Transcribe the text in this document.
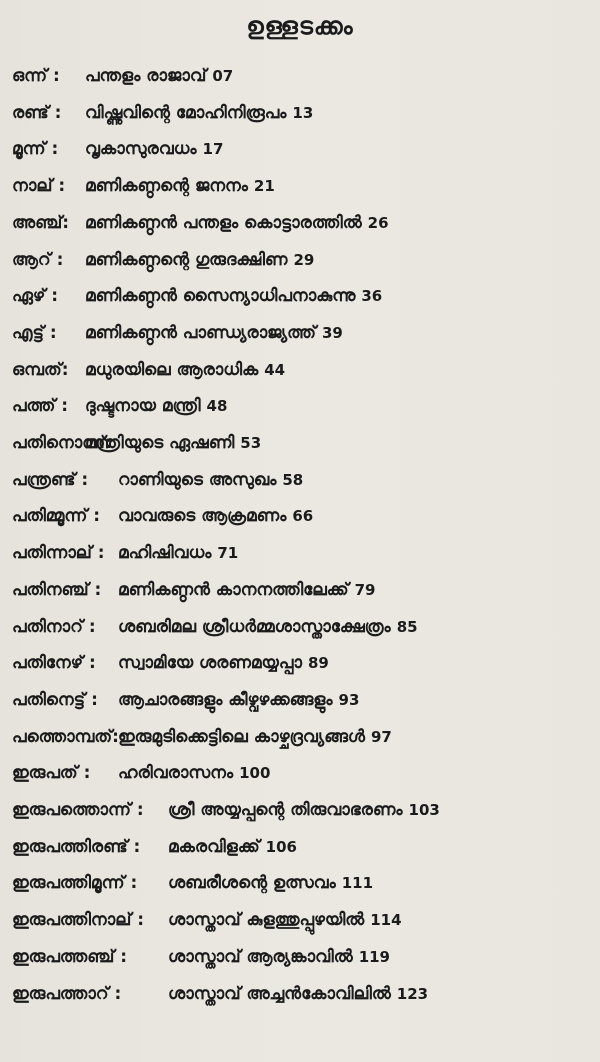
ഉള്ളടക്കം
ഒന്ന് : പന്തളം രാജാവ് 07
രണ്ട് : വിഷ്ണുവിന്റെ മോഹിനിരൂപം 13
മൂന്ന് : വൃകാസുരവധം 17
നാല് : മണികണ്ഠന്റെ ജനനം 21
അഞ്ച്: മണികണ്ഠൻ പന്തളം കൊട്ടാരത്തിൽ 26
ആറ് : മണികണ്ഠന്റെ ഗുരുദക്ഷിണ 29
ഏഴ് : മണികണ്ഠൻ സൈന്യാധിപനാകുന്നു 36
എട്ട് : മണികണ്ഠൻ പാണ്ഡ്യരാജ്യത്ത് 39
ഒമ്പത്: മധുരയിലെ ആരാധിക 44
പത്ത് : ദുഷ്ടനായ മന്ത്രി 48
പതിനൊന്ന്:
മന്ത്രിയുടെ ഏഷണി 53
പന്ത്രണ്ട് : റാണിയുടെ അസുഖം 58
പതിമ്മൂന്ന് : വാവരുടെ ആക്രമണം 66
പതിന്നാല് : മഹിഷിവധം 71
പതിനഞ്ച് : മണികണ്ഠൻ കാനനത്തിലേക്ക് 79
പതിനാറ് : ശബരിമല ശ്രീധർമ്മശാസ്താക്ഷേത്രം 85
പതിനേഴ് : സ്വാമിയേ ശരണമയ്യപ്പാ 89
പതിനെട്ട് : ആചാരങ്ങളും കീഴ്വഴക്കങ്ങളും 93
പത്തൊമ്പത്: ഇരുമുടിക്കെട്ടിലെ കാഴ്ചദ്രവ്യങ്ങൾ 97
ഇരുപത് : ഹരിവരാസനം 100
ഇരുപത്തൊന്ന് : ശ്രീ അയ്യപ്പന്റെ തിരുവാഭരണം 103
ഇരുപത്തിരണ്ട് : മകരവിളക്ക് 106
ഇരുപത്തിമൂന്ന് : ശബരീശന്റെ ഉത്സവം 111
ഇരുപത്തിനാല് : ശാസ്താവ് കുളത്തുപ്പുഴയിൽ 114
ഇരുപത്തഞ്ച് : ശാസ്താവ് ആര്യങ്കാവിൽ 119
ഇരുപത്താറ് :	ശാസ്താവ് അച്ചൻകോവിലിൽ 123
